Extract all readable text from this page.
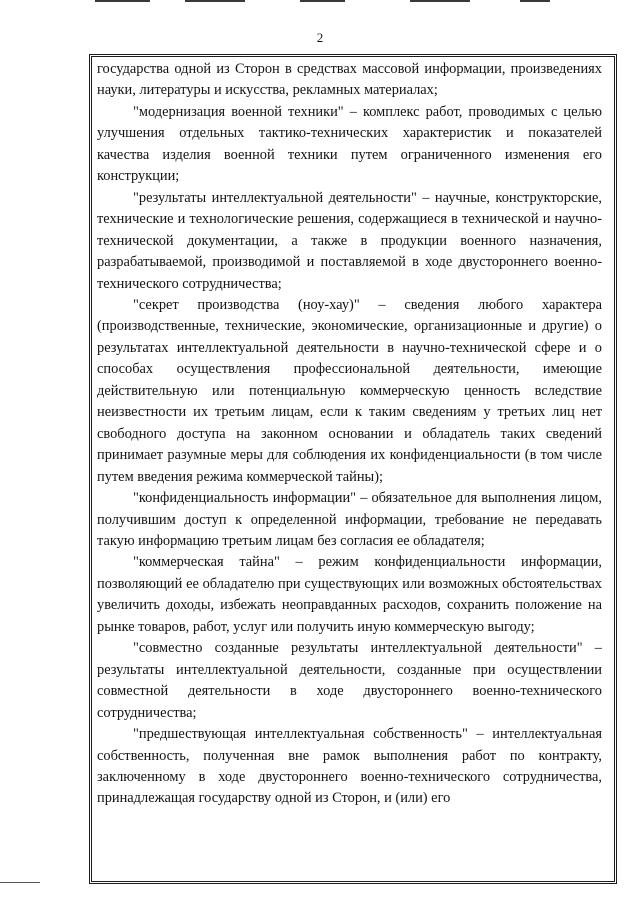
2

государства одной из Сторон в средствах массовой информации, произведениях науки, литературы и искусства, рекламных материалах;

"модернизация военной техники" – комплекс работ, проводимых с целью улучшения отдельных тактико-технических характеристик и показателей качества изделия военной техники путем ограниченного изменения его конструкции;

"результаты интеллектуальной деятельности" – научные, конструкторские, технические и технологические решения, содержащиеся в технической и научно-технической документации, а также в продукции военного назначения, разрабатываемой, производимой и поставляемой в ходе двустороннего военно-технического сотрудничества;

"секрет производства (ноу-хау)" – сведения любого характера (производственные, технические, экономические, организационные и другие) о результатах интеллектуальной деятельности в научно-технической сфере и о способах осуществления профессиональной деятельности, имеющие действительную или потенциальную коммерческую ценность вследствие неизвестности их третьим лицам, если к таким сведениям у третьих лиц нет свободного доступа на законном основании и обладатель таких сведений принимает разумные меры для соблюдения их конфиденциальности (в том числе путем введения режима коммерческой тайны);

"конфиденциальность информации" – обязательное для выполнения лицом, получившим доступ к определенной информации, требование не передавать такую информацию третьим лицам без согласия ее обладателя;

"коммерческая тайна" – режим конфиденциальности информации, позволяющий ее обладателю при существующих или возможных обстоятельствах увеличить доходы, избежать неоправданных расходов, сохранить положение на рынке товаров, работ, услуг или получить иную коммерческую выгоду;

"совместно созданные результаты интеллектуальной деятельности" – результаты интеллектуальной деятельности, созданные при осуществлении совместной деятельности в ходе двустороннего военно-технического сотрудничества;

"предшествующая интеллектуальная собственность" – интеллектуальная собственность, полученная вне рамок выполнения работ по контракту, заключенному в ходе двустороннего военно-технического сотрудничества, принадлежащая государству одной из Сторон, и (или) его
